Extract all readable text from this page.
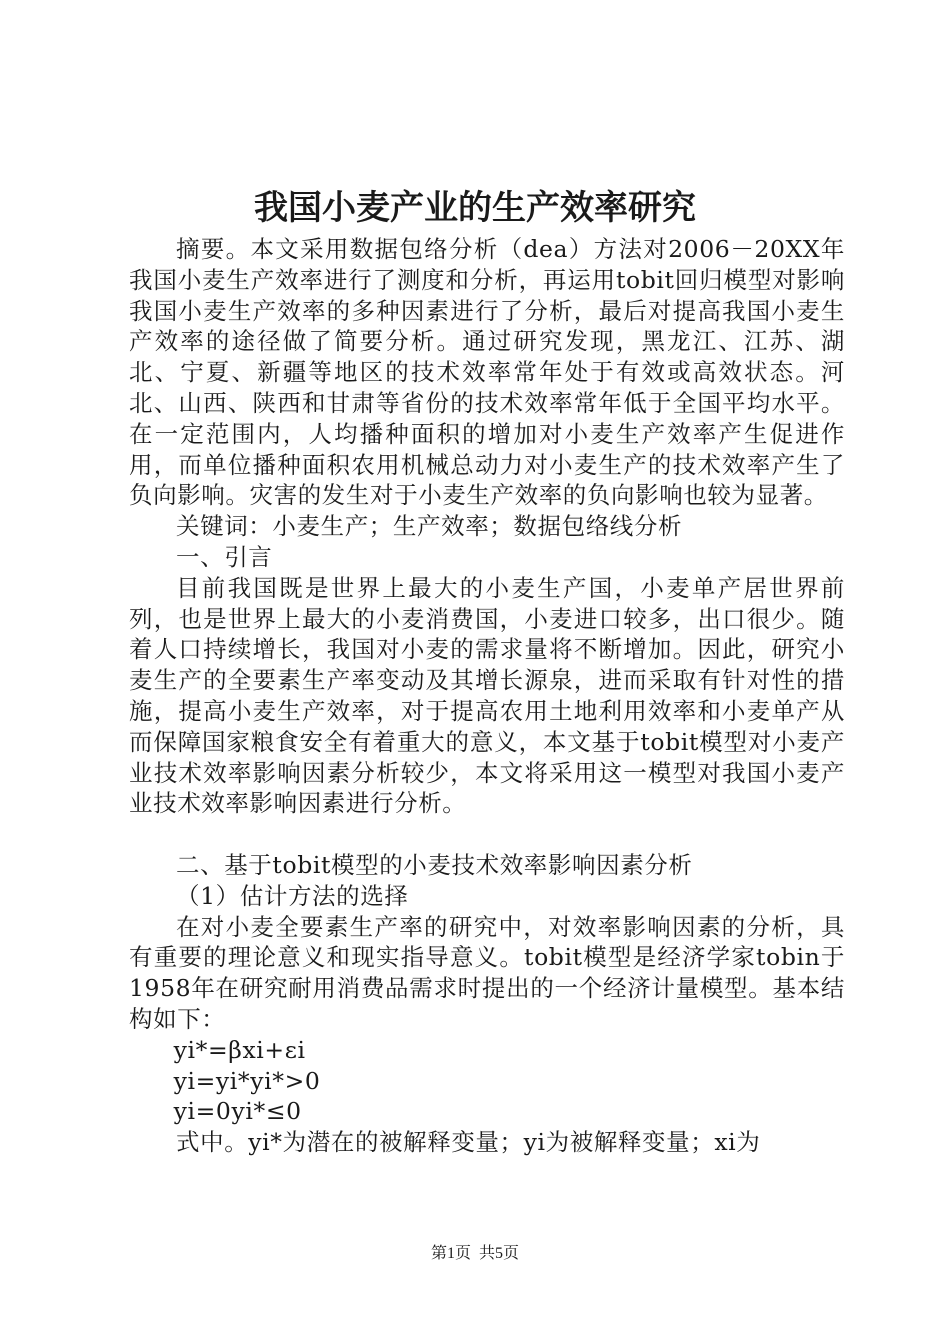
我国小麦产业的生产效率研究

摘要。本文采用数据包络分析（dea）方法对2006－20XX年我国小麦生产效率进行了测度和分析，再运用tobit回归模型对影响我国小麦生产效率的多种因素进行了分析，最后对提高我国小麦生产效率的途径做了简要分析。通过研究发现，黑龙江、江苏、湖北、宁夏、新疆等地区的技术效率常年处于有效或高效状态。河北、山西、陕西和甘肃等省份的技术效率常年低于全国平均水平。在一定范围内，人均播种面积的增加对小麦生产效率产生促进作用，而单位播种面积农用机械总动力对小麦生产的技术效率产生了负向影响。灾害的发生对于小麦生产效率的负向影响也较为显著。

关键词：小麦生产；生产效率；数据包络线分析

一、引言

目前我国既是世界上最大的小麦生产国，小麦单产居世界前列，也是世界上最大的小麦消费国，小麦进口较多，出口很少。随着人口持续增长，我国对小麦的需求量将不断增加。因此，研究小麦生产的全要素生产率变动及其增长源泉，进而采取有针对性的措施，提高小麦生产效率，对于提高农用土地利用效率和小麦单产从而保障国家粮食安全有着重大的意义，本文基于tobit模型对小麦产业技术效率影响因素分析较少，本文将采用这一模型对我国小麦产业技术效率影响因素进行分析。

二、基于tobit模型的小麦技术效率影响因素分析

（1）估计方法的选择

在对小麦全要素生产率的研究中，对效率影响因素的分析，具有重要的理论意义和现实指导意义。tobit模型是经济学家tobin于1958年在研究耐用消费品需求时提出的一个经济计量模型。基本结构如下：

yi*=βxi+εi

yi=yi*yi*>0

yi=0yi*≤0

式中。yi*为潜在的被解释变量；yi为被解释变量；xi为

第1页  共5页
